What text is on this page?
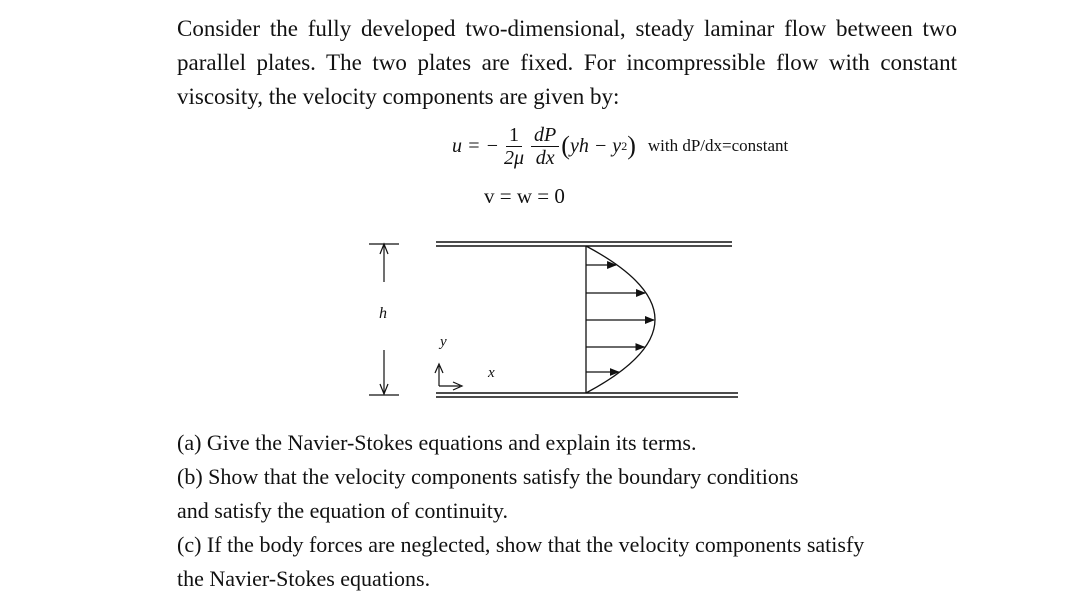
Consider the fully developed two-dimensional, steady laminar flow between two parallel plates. The two plates are fixed. For incompressible flow with constant viscosity, the velocity components are given by:

u = − $\frac{1}{2\mu} \frac{dP}{dx}$ ( yh − y 2 ) with dP/dx=constant
v = w = 0
h
y
x
(a) Give the Navier-Stokes equations and explain its terms.
(b) Show that the velocity components satisfy the boundary conditions
and satisfy the equation of continuity.
(c) If the body forces are neglected, show that the velocity components satisfy
the Navier-Stokes equations.
